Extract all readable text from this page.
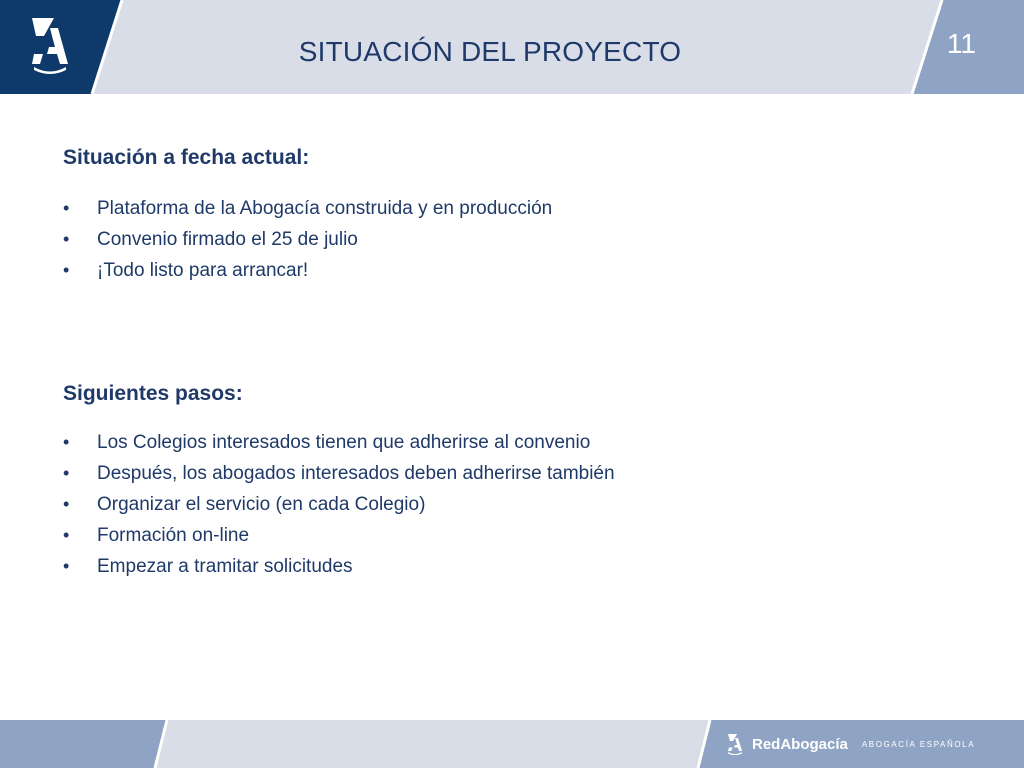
SITUACIÓN DEL PROYECTO	11
Situación a fecha actual:
•	Plataforma de la Abogacía construida y en producción
•	Convenio firmado el 25 de julio
•	¡Todo listo para arrancar!
Siguientes pasos:
•	Los Colegios interesados tienen que adherirse al convenio
•	Después, los abogados interesados deben adherirse también
•	Organizar el servicio (en cada Colegio)
•	Formación on-line
•	Empezar a tramitar solicitudes
RedAbogacía ABOGACÍA ESPAÑOLA
